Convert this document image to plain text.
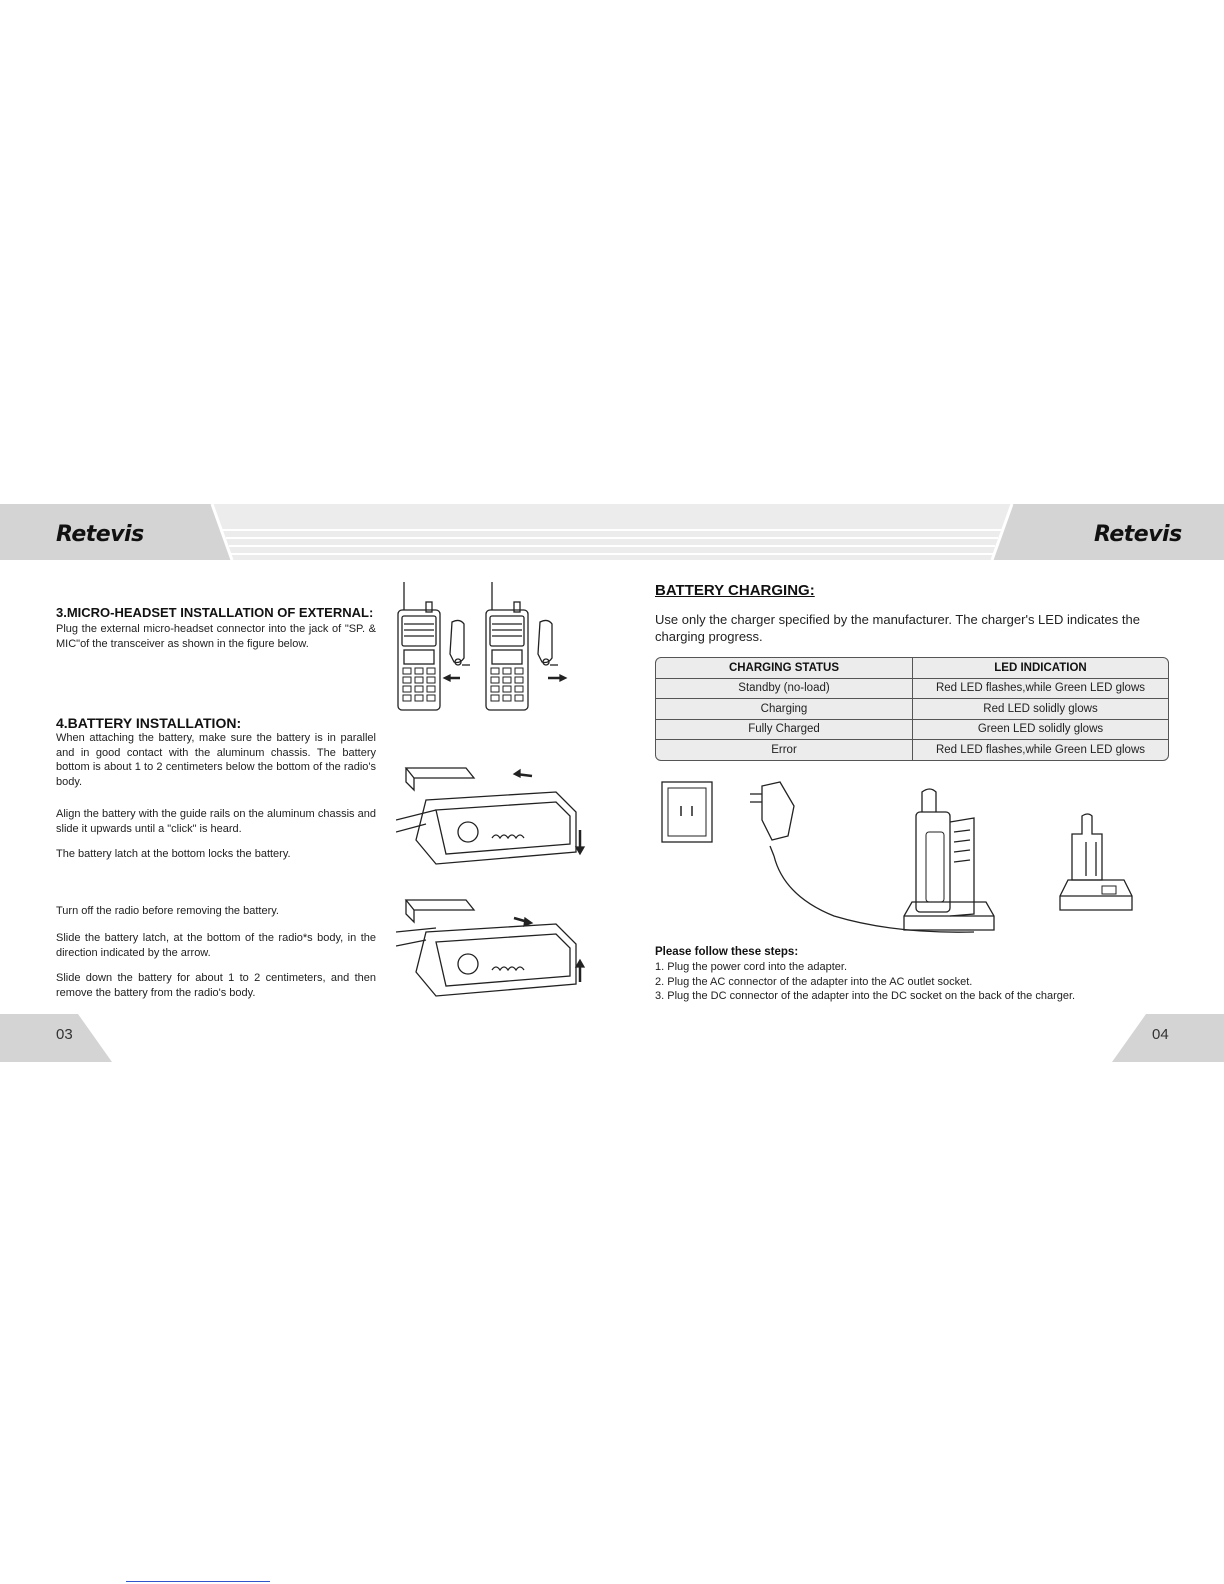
Retevis	Retevis
3.MICRO-HEADSET INSTALLATION OF EXTERNAL:
Plug the external micro-headset connector into the jack of "SP. & MIC"of the transceiver as shown in the figure below.
4.BATTERY INSTALLATION:
When attaching the battery, make sure the battery is in parallel and in good contact with the aluminum chassis. The battery bottom is about 1 to 2 centimeters below the bottom of the radio's body.
Align the battery with the guide rails on the aluminum chassis and slide it upwards until a "click" is heard.
The battery latch at the bottom locks the battery.
Turn off the radio before removing the battery.
Slide the battery latch, at the bottom of the radio*s body, in the direction indicated by the arrow.
Slide down the battery for about 1 to 2 centimeters, and then remove the battery from the radio's body.
BATTERY CHARGING:
Use only the charger specified by the manufacturer. The charger's LED indicates the charging progress.
CHARGING STATUS	LED INDICATION
Standby (no-load)	Red LED flashes,while Green LED glows
Charging	Red LED solidly glows
Fully Charged	Green LED solidly glows
Error	Red LED flashes,while Green LED glows
Please follow these steps:
1. Plug the power cord into the adapter.
2. Plug the AC connector of the adapter into the AC outlet socket.
3. Plug the DC connector of the adapter into the DC socket on the back of the charger.
03	04
